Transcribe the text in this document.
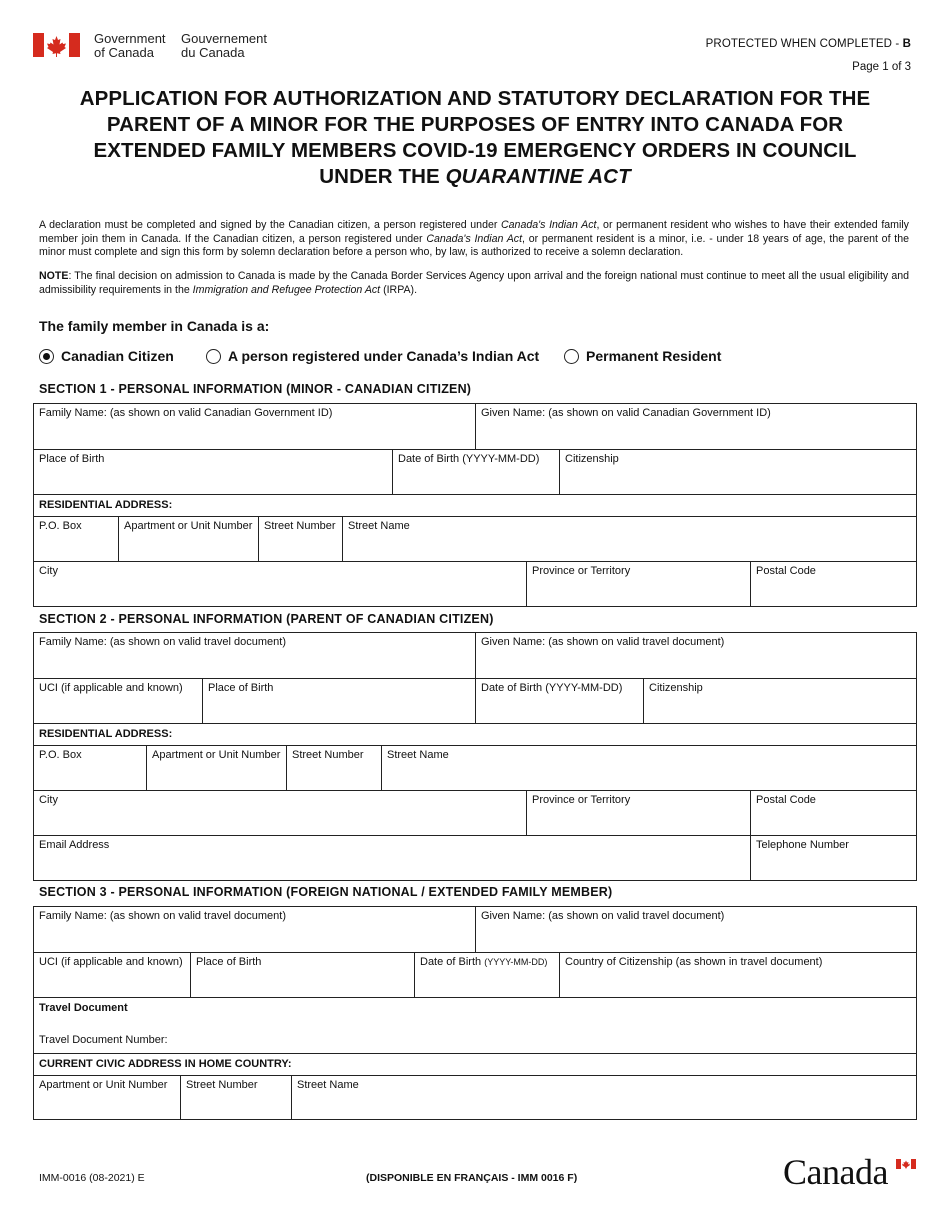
Government
of Canada
Gouvernement
du Canada
PROTECTED WHEN COMPLETED - B
Page 1 of 3
APPLICATION FOR AUTHORIZATION AND STATUTORY DECLARATION FOR THE
PARENT OF A MINOR FOR THE PURPOSES OF ENTRY INTO CANADA FOR
EXTENDED FAMILY MEMBERS COVID-19 EMERGENCY ORDERS IN COUNCIL
UNDER THE QUARANTINE ACT
A declaration must be completed and signed by the Canadian citizen, a person registered under Canada's Indian Act, or permanent resident who wishes to have their extended family member join them in Canada. If the Canadian citizen, a person registered under Canada's Indian Act, or permanent resident is a minor, i.e. - under 18 years of age, the parent of the minor must complete and sign this form by solemn declaration before a person who, by law, is authorized to receive a solemn declaration.
NOTE: The final decision on admission to Canada is made by the Canada Border Services Agency upon arrival and the foreign national must continue to meet all the usual eligibility and admissibility requirements in the Immigration and Refugee Protection Act (IRPA).
The family member in Canada is a:
Canadian Citizen	A person registered under Canada’s Indian Act	Permanent Resident
SECTION 1 - PERSONAL INFORMATION (MINOR - CANADIAN CITIZEN)
Family Name: (as shown on valid Canadian Government ID)	Given Name: (as shown on valid Canadian Government ID)
Place of Birth	Date of Birth (YYYY-MM-DD)	Citizenship
RESIDENTIAL ADDRESS:
P.O. Box	Apartment or Unit Number	Street Number	Street Name
City	Province or Territory	Postal Code
SECTION 2 - PERSONAL INFORMATION (PARENT OF CANADIAN CITIZEN)
Family Name: (as shown on valid travel document)	Given Name: (as shown on valid travel document)
UCI (if applicable and known)	Place of Birth	Date of Birth (YYYY-MM-DD)	Citizenship
RESIDENTIAL ADDRESS:
P.O. Box	Apartment or Unit Number	Street Number	Street Name
City	Province or Territory	Postal Code
Email Address	Telephone Number
SECTION 3 - PERSONAL INFORMATION (FOREIGN NATIONAL / EXTENDED FAMILY MEMBER)
Family Name: (as shown on valid travel document)	Given Name: (as shown on valid travel document)
UCI (if applicable and known)	Place of Birth	Date of Birth (YYYY-MM-DD)	Country of Citizenship (as shown in travel document)
Travel Document
Travel Document Number:
CURRENT CIVIC ADDRESS IN HOME COUNTRY:
Apartment or Unit Number	Street Number	Street Name
IMM-0016 (08-2021) E	(DISPONIBLE EN FRANÇAIS - IMM 0016 F)	Canada
